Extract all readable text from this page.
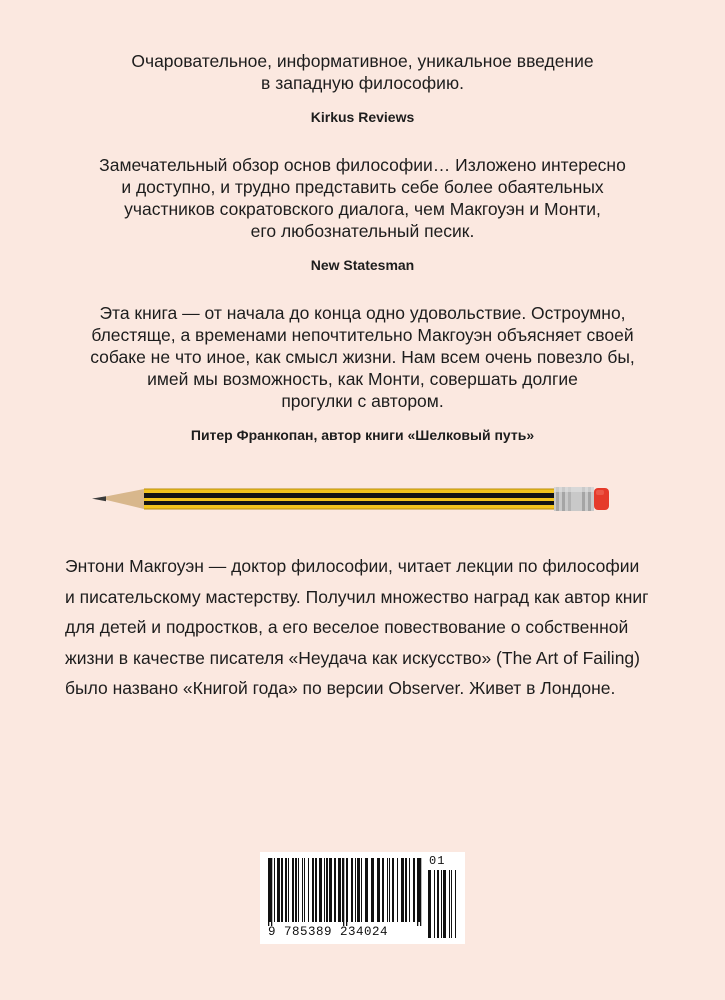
Очаровательное, информативное, уникальное введение
в западную философию.
Kirkus Reviews
Замечательный обзор основ философии… Изложено интересно
и доступно, и трудно представить себе более обаятельных
участников сократовского диалога, чем Макгоуэн и Монти,
его любознательный песик.
New Statesman
Эта книга — от начала до конца одно удовольствие. Остроумно,
блестяще, а временами непочтительно Макгоуэн объясняет своей
собаке не что иное, как смысл жизни. Нам всем очень повезло бы,
имей мы возможность, как Монти, совершать долгие
прогулки с автором.
Питер Франкопан, автор книги «Шелковый путь»
Энтони Макгоуэн — доктор философии, читает лекции по философии
и писательскому мастерству. Получил множество наград как автор книг
для детей и подростков, а его веселое повествование о собственной
жизни в качестве писателя «Неудача как искусство» (The Art of Failing)
было названо «Книгой года» по версии Observer. Живет в Лондоне.
01
9 785389 234024
